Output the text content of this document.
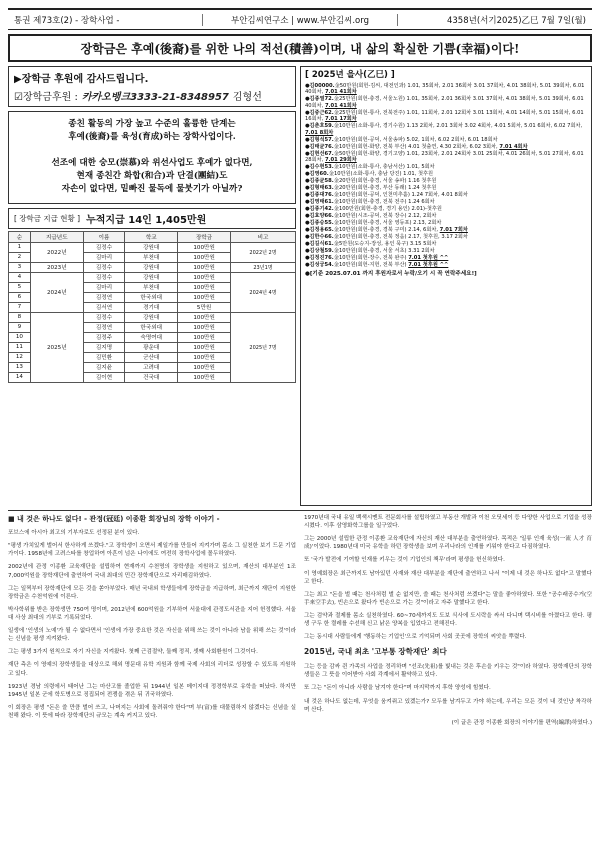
통권 제73호(2) - 장학사업 -	부안김씨연구소 | www.부안김씨.org	4358년(서기2025)乙巳 7월 7일(월)
장학금은 후예(後裔)를 위한 나의 적선(積善)이며, 내 삶의 확실한 기쁨(幸福)이다!
▶장학금 후원에 감사드립니다.
☑장학금후원 : 카카오뱅크3333-21-8348957 김형선
종친 활동의 가장 높고 수준의 훌륭한 단계는
후예(後裔)를 육성(育成)하는 장학사업이다.
선조에 대한 숭모(崇慕)와 위선사업도 후예가 없다면,
현재 종친간 화합(和合)과 단결(團結)도
자손이 없다면, 밑빠진 물독에 물붓기가 아닐까?
[ 장학금 지급 현황 ] 누적지급 14인 1,405만원
순	지급년도	이름	학교	장학금	비고
1	2022년	김정수	강원대	100만원	2022년 2명
2		김마리	부천대	100만원	
3	2023년	김정수	강원대	100만원	23년1명
4	2024년	김정수	강원대	100만원	2024년 4명
5		김마리	부천대	100만원	
6		김정연	한국외대	100만원	
7		김서연	경기대	5만원	
8	2025년	김정수	강원대	100만원	2025년 7명
9		김정연	한국외대	100만원	
10		김정주	숙명여대	100만원	
11		김지명	광운대	100만원	
12		김민환	군산대	100만원	
13		김지윤	고려대	100만원	
14		김이현	건국대	100만원	
[ 2025년 을사(乙巳) ]
●김00000.金50만원(회헌-김씨, 대전인과) 1.01, 35회차, 2.01 36회차 3.01 37회차, 4.01 38회차, 5.01 39회차, 6.01 40회차, 7.01 41회차
●김종열72.金25만원(회헌-충경, 서울노원) 1.01, 35회차, 2.01 36회차 3.01 37회차, 4.01 38회차, 5.01 39회차, 6.01 40회차, 7.01 41회차
●김중근62.金25만원(회헌-통사, 전북전주) 1.01, 11회차, 2.01 12회차 3.01 13회차, 4.01 14회차, 5.01 15회차, 6.01 16회차, 7.01 17회차
●김춘호59.金10만원(소화-통사, 경기수원) 1.13 2회차, 2.01 3회차 3.02 4회차, 4.01 5회차, 5.01 6회차, 6.02 7회차, 7.01 8회차
●김형석57.金10만원(회헌-공덕, 서울송파) 5.02, 1회차, 6.02 2회차, 6.01 18회차
●김태균76.金10만원(회헌-화양, 전북 부산) 4.01 첫출연, 4.30 2회차, 6.02 3회차, 7.01 4회차
●김현선67.金50만원(회헌-화양, 경기고양) 1.01, 23회차, 2.01 24회차 3.01 25회차, 4.01 26회차, 5.01 27회차, 6.01 28회차, 7.01 29회차
●김수현53.金10만원(소화-통사, 충남서산) 1.01, 5회차
●김영60.金10만원(소화-통사, 충남 당진) 1.01, 첫후원
●김종균58.金20만원(회헌-충경, 서울 송파) 1.16 첫후원
●김형태63.金20만원(회헌-충경, 부산 동래) 1.24 첫후원
●김종대76.金10만원(회헌-공덕, 인천미추홀) 1.24 7회차, 4.01 8회차
●김영태61.金10만원(회헌-충경, 전북 전주) 1.24 6회차
●김종기42.金100만원(회헌-충경, 경기 용인) 2.01)-첫후원
●김효양66.金10만원(시조-공덕, 전북 장수) 2.12, 2회차
●김종승55.金10만원(회헌-충경, 서울 영등포) 2.13, 2회차
●김정용65.金10만원(회헌-충경, 경북 구미) 2.14, 6회차, 7.01 7회차
●김한수66.金10만원(회헌-충경, 전북 정읍) 2.17, 첫후원, 3.17 2회차
●김길식61.金5만원(도승지-장성, 용인 묵구) 3.15 5회차
●김상철59.金10만원(회헌-충경, 서울 서초) 3.31 2회차
●김정진76.金10만원(회헌-장수, 전북 완주) 7.01 첫후원 ^^
●김성궁54.金10만원(회헌-지헌, 전북 부산) 7.01 첫후원 ^^
●[기준 2025.07.01 까지 후원자로서 누락/오기 시 꼭 연락주세요!]
■ 내 것은 하나도 없다! - 관정(冠廷) 이종환 회장님의 장학 이야기 -

포브스에 아시아 최고의 기부자로도 선정된 분이 있다.

"평생 가치있게 벌어서 한사하게 쓰겠다."고 장학생이 오면서 제일가를 만들어 지켜가며 몸소 그 실천한 보기 드문 기업가이다. 1958년에 고려스타를 창업하여 아흔이 넘은 나이에도 여전히 장학사업에 몰두하였다.

2002년에 관정 이종환 교육재단을 설립하여 현재까지 수천명의 장학생을 지원하고 있으며, 재산의 대부분인 1조 7,000억원을 장학재단에 출연하여 국내 최대의 민간 장학재단으로 자리매김하였다.

그는 일찍부터 장학재단에 모든 것을 쏟아부었다. 매년 국내외 학생들에게 장학금을 지급하며, 최근까지 재단이 지원한 장학금은 수천억원에 이른다.

박사학위를 받은 장학생만 750여 명이며, 2012년에 600억원을 기부하여 서울대에 관정도서관을 지어 헌정했다. 서울대 사상 최대의 기부로 기록되었다.

일생에 '인생의 노예'가 될 수 없다면서 '인생에 가장 중요한 것은 자신을 위해 쓰는 것이 아니라 남을 위해 쓰는 것'이라는 신념을 평생 지켜왔다.

그는 평생 3가지 원칙으로 자기 자신을 지켜왔다. 첫째 근검절약, 둘째 정직, 셋째 사회환원이 그것이다.

재단 측은 이 영예의 장학생들을 대상으로 해외 명문대 유학 지원과 함께 국제 사회의 리더로 성장할 수 있도록 지원하고 있다.

1923년 경남 의령에서 태어난 그는 마산고를 졸업한 뒤 1944년 일본 메이지대 정경학부로 유학을 떠났다. 하지만 1945년 일본 군에 학도병으로 징집되어 전쟁을 겪은 뒤 귀국하였다.

이 회장은 평생 "돈은 쓸 만큼 벌어 쓰고, 나머지는 사회에 돌려줘야 한다"며 부(富)를 대물림하지 않겠다는 신념을 실천해 왔다. 이 뜻에 따라 장학재단의 규모는 계속 커지고 있다.

1970년대 국내 유일 백색시멘트 전문회사를 설립하였고 부동산 개발과 이천 오딧세이 등 다양한 사업으로 기업을 성장시켰다. 이후 삼영화학그룹을 일구었다.

그는 2000년 설립한 관정 이종환 교육재단에 자신의 재산 대부분을 출연하였다. 목적은 '일류 인재 육성(一流 人才 育成)'이었다. 1980년대 미국 유학을 하던 장학생을 보며 우리나라의 인재를 키워야 한다고 다짐하였다.

또 '국가 발전에 기여할 인재를 키우는 것이 기업인의 책무'라며 평생을 헌신하였다.

이 영예회장은 최근까지도 남아있던 사재와 재산 대부분을 재단에 출연하고 나서 "이제 내 것은 하나도 없다"고 말했다고 한다.

그는 최고 "돈을 벌 때는 천사처럼 벌 순 없지만, 쓸 때는 천사처럼 쓰겠다"는 말을 좋아하였다. 또한 "공수래공수거(空手來空手去), 빈손으로 왔다가 빈손으로 가는 것"이라고 자주 말했다고 한다.

그는 검약과 절제를 몸소 실천하였다. 60~70세까지도 도보 식사에 도시락을 싸서 다니며 택시비를 아꼈다고 한다. 평생 구두 한 켤레를 수선해 신고 낡은 양복을 입었다고 전해진다.

그는 동시대 사람들에게 '행동하는 기업인'으로 기억되며 사회 곳곳에 장학의 씨앗을 뿌렸다.

2015년, 국내 최초 '고부통 장학재단' 최다

그는 등을 감싸 쥔 가족의 사업을 정리하며 "선조(先祖)를 빛내는 것은 후손을 키우는 것"이라 하였다. 장학재단의 장학생들은 그 뜻을 이어받아 사회 각계에서 활약하고 있다.

또 그는 "돈이 아니라 사람을 남겨야 한다"며 마지막까지 후학 양성에 힘썼다.

내 것은 하나도 없는데, 무엇을 움켜쥐고 있겠는가? 모두를 남겨두고 가야 하는데, 우리는 모든 것이 내 것인냥 착각하며 산다.

(이 글은 관정 이종환 회장의 이야기를 편역(編譯)하였다.)
